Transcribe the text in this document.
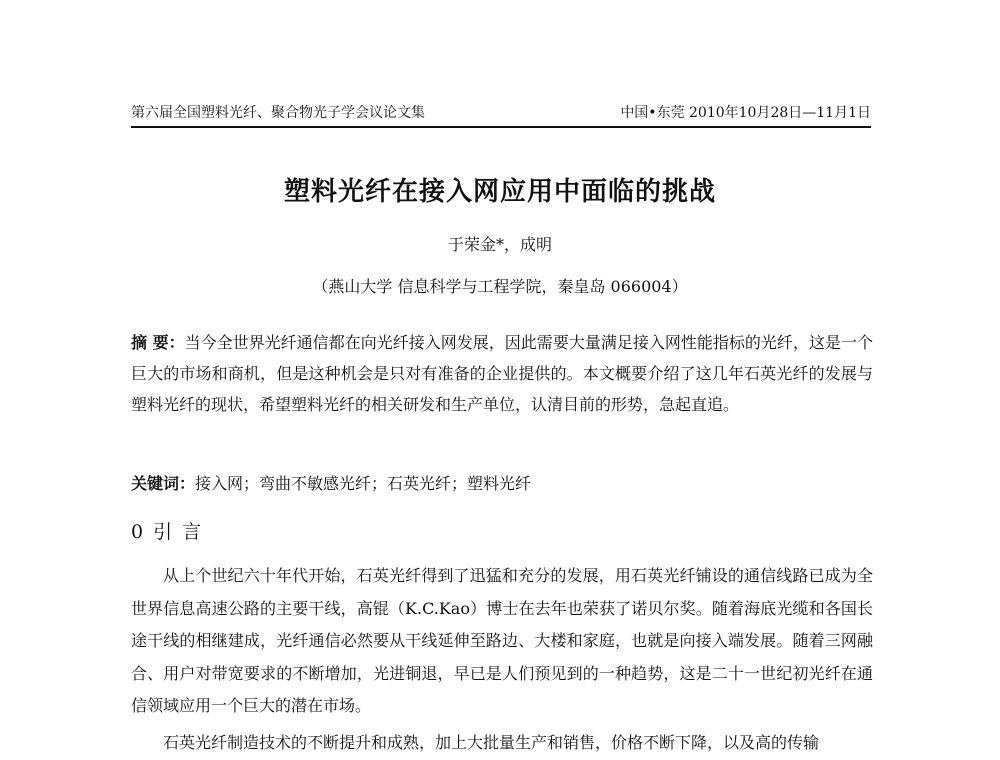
第六届全国塑料光纤、聚合物光子学会议论文集	中国•东莞 2010年10月28日—11月1日
塑料光纤在接入网应用中面临的挑战
于荣金*，成明
（燕山大学 信息科学与工程学院，秦皇岛 066004）
摘 要：当今全世界光纤通信都在向光纤接入网发展，因此需要大量满足接入网性能指标的光纤，这是一个巨大的市场和商机，但是这种机会是只对有准备的企业提供的。本文概要介绍了这几年石英光纤的发展与塑料光纤的现状，希望塑料光纤的相关研发和生产单位，认清目前的形势，急起直追。
关键词：接入网；弯曲不敏感光纤；石英光纤；塑料光纤
0 引 言
从上个世纪六十年代开始，石英光纤得到了迅猛和充分的发展，用石英光纤铺设的通信线路已成为全世界信息高速公路的主要干线，高锟（K.C.Kao）博士在去年也荣获了诺贝尔奖。随着海底光缆和各国长途干线的相继建成，光纤通信必然要从干线延伸至路边、大楼和家庭，也就是向接入端发展。随着三网融合、用户对带宽要求的不断增加，光进铜退，早已是人们预见到的一种趋势，这是二十一世纪初光纤在通信领域应用一个巨大的潜在市场。
石英光纤制造技术的不断提升和成熟，加上大批量生产和销售，价格不断下降，以及高的传输
